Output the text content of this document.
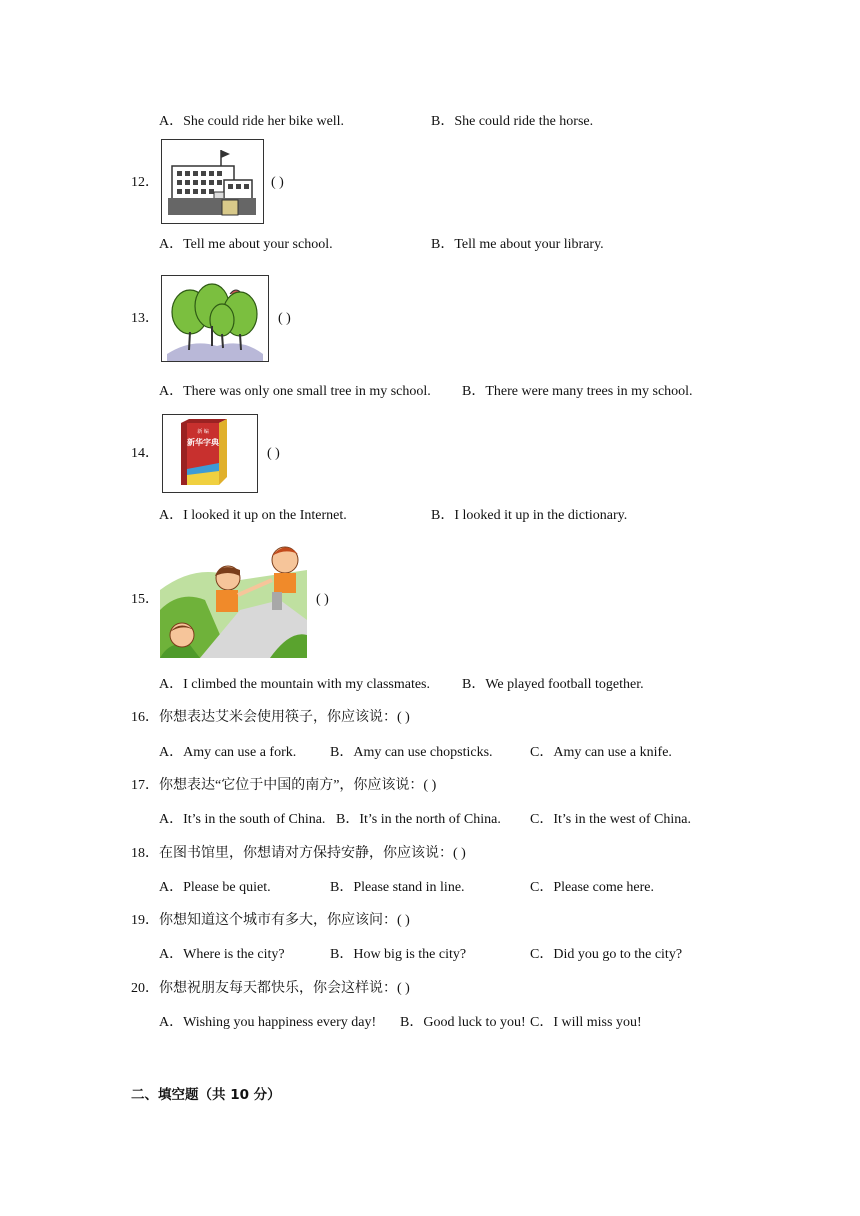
A．She could ride her bike well.	B．She could ride the horse.
12．	( )
A．Tell me about your school.	B．Tell me about your library.
13．	( )
A．There was only one small tree in my school. B．There were many trees in my school.
14．
新 编
新华字典
( )
A．I looked it up on the Internet.	B．I looked it up in the dictionary.
15．	( )
A．I climbed the mountain with my classmates. B．We played football together.
16．你想表达艾米会使用筷子，你应该说：( )
A．Amy can use a fork. B．Amy can use chopsticks.	C．Amy can use a knife.
17．你想表达“它位于中国的南方”，你应该说：( )
A．It’s in the south of China. B．It’s in the north of China. C．It’s in the west of China.
18．在图书馆里，你想请对方保持安静，你应该说：( )
A．Please be quiet.	B．Please stand in line.	C．Please come here.
19．你想知道这个城市有多大，你应该问：( )
A．Where is the city?	B．How big is the city?	C．Did you go to the city?
20．你想祝朋友每天都快乐，你会这样说：( )
A．Wishing you happiness every day! B．Good luck to you! C．I will miss you!
二、填空题（共 10 分）
